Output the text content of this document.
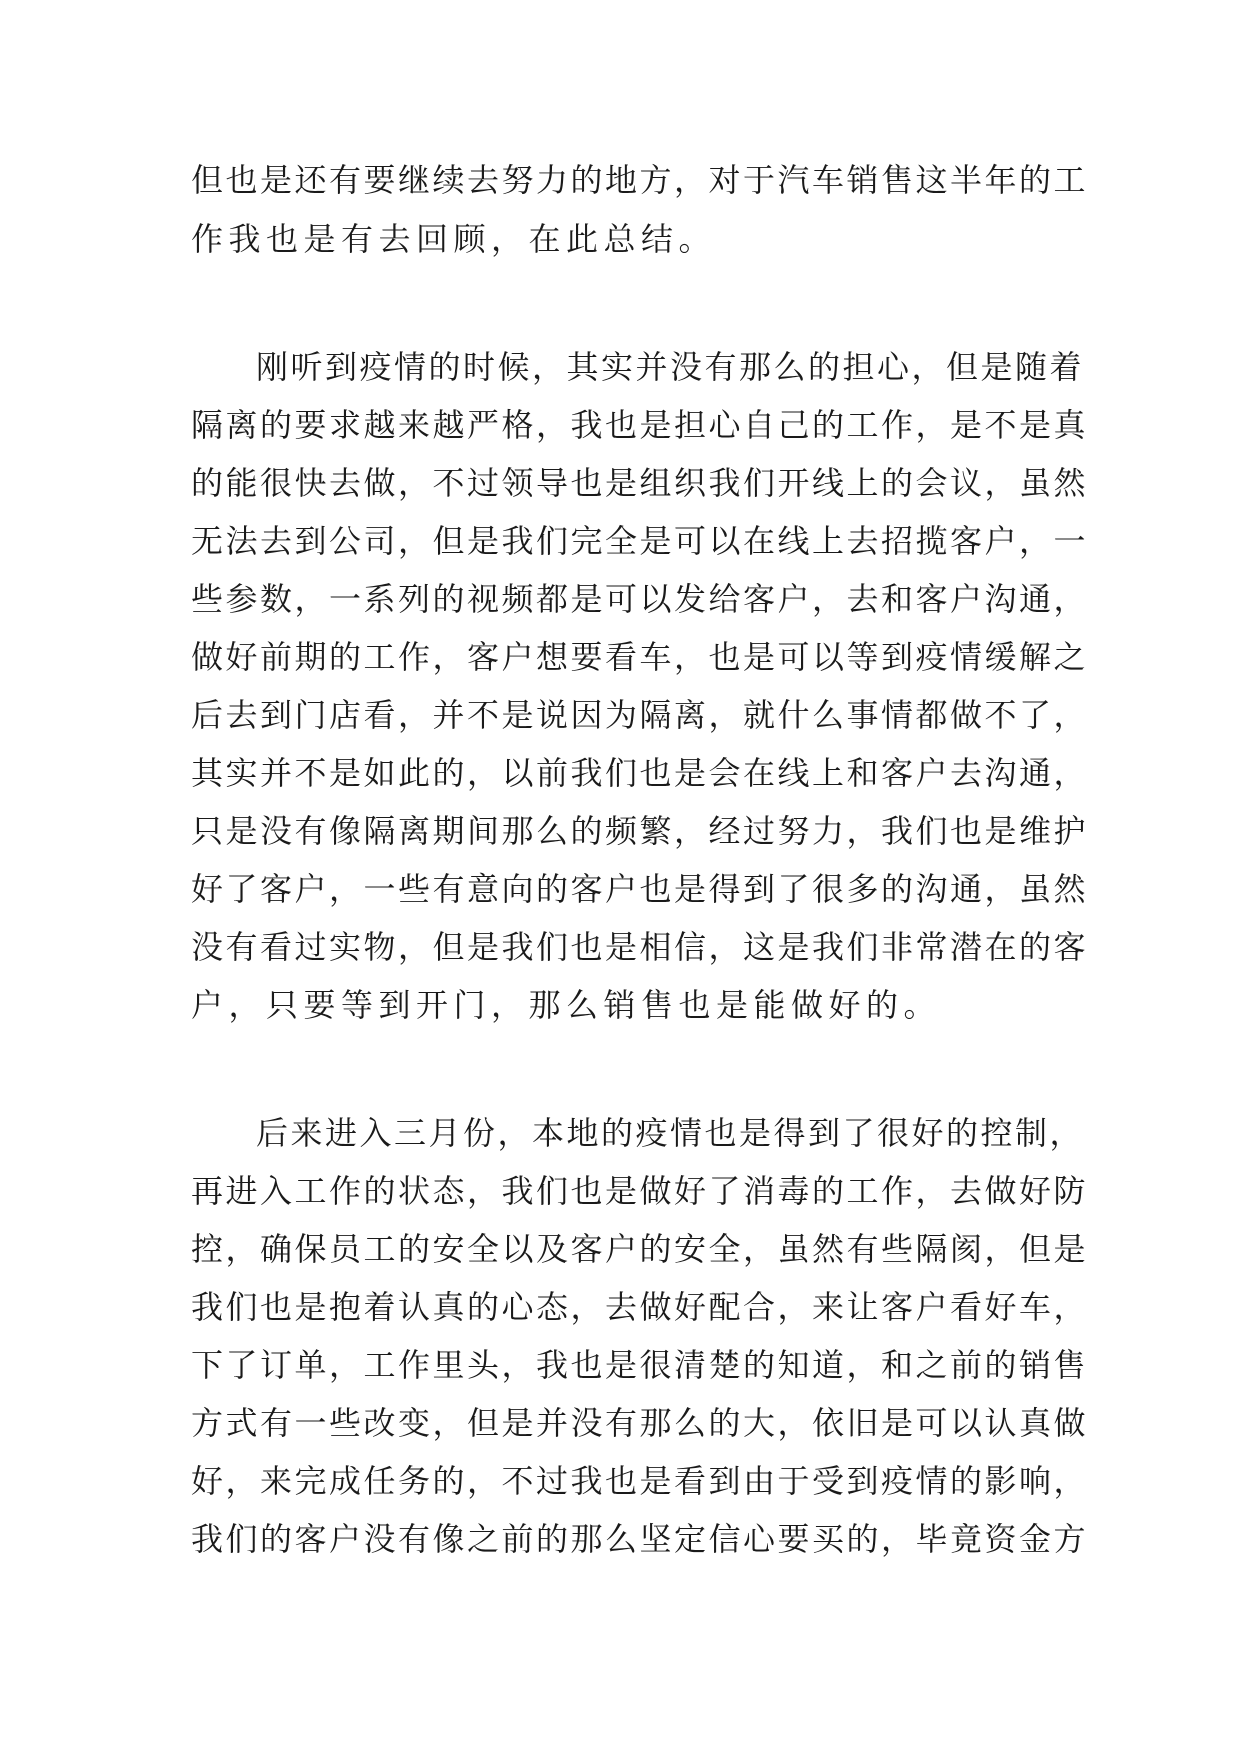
但也是还有要继续去努力的地方，对于汽车销售这半年的工

作我也是有去回顾，在此总结。

刚听到疫情的时候，其实并没有那么的担心，但是随着

隔离的要求越来越严格，我也是担心自己的工作，是不是真

的能很快去做，不过领导也是组织我们开线上的会议，虽然

无法去到公司，但是我们完全是可以在线上去招揽客户，一

些参数，一系列的视频都是可以发给客户，去和客户沟通，

做好前期的工作，客户想要看车，也是可以等到疫情缓解之

后去到门店看，并不是说因为隔离，就什么事情都做不了，

其实并不是如此的，以前我们也是会在线上和客户去沟通，

只是没有像隔离期间那么的频繁，经过努力，我们也是维护

好了客户，一些有意向的客户也是得到了很多的沟通，虽然

没有看过实物，但是我们也是相信，这是我们非常潜在的客

户，只要等到开门，那么销售也是能做好的。

后来进入三月份，本地的疫情也是得到了很好的控制，

再进入工作的状态，我们也是做好了消毒的工作，去做好防

控，确保员工的安全以及客户的安全，虽然有些隔阂，但是

我们也是抱着认真的心态，去做好配合，来让客户看好车，

下了订单，工作里头，我也是很清楚的知道，和之前的销售

方式有一些改变，但是并没有那么的大，依旧是可以认真做

好，来完成任务的，不过我也是看到由于受到疫情的影响，

我们的客户没有像之前的那么坚定信心要买的，毕竟资金方
